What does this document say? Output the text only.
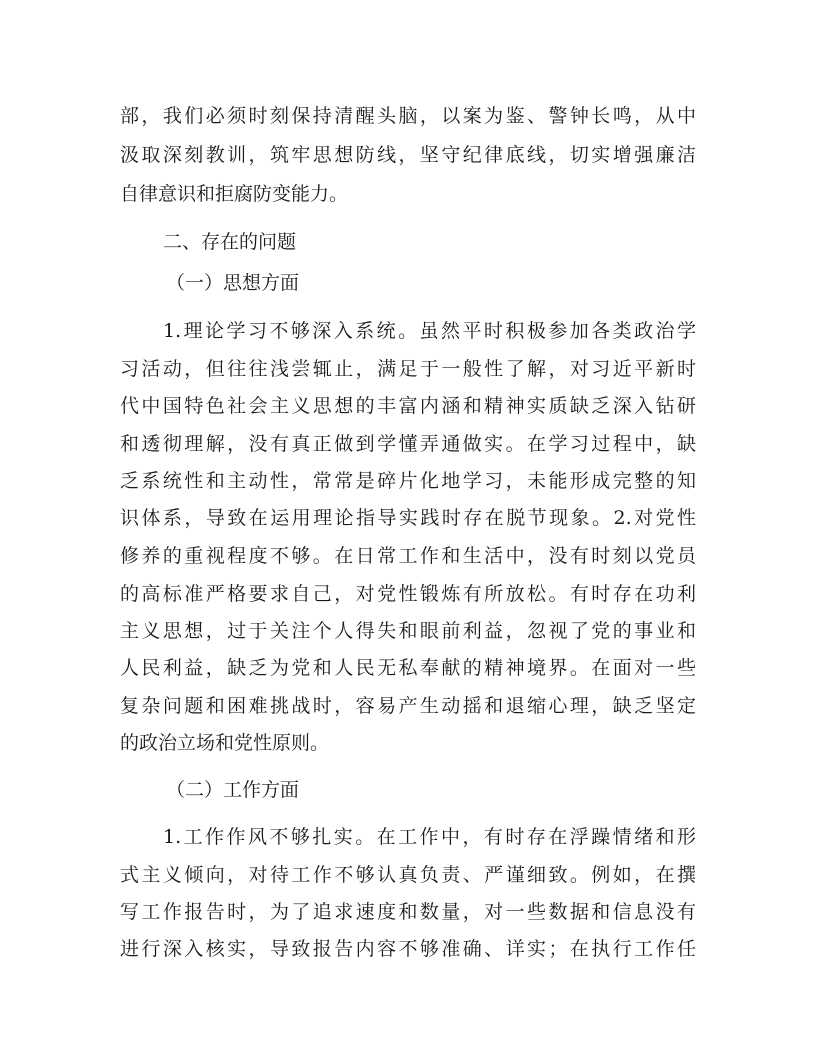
部，我们必须时刻保持清醒头脑，以案为鉴、警钟长鸣，从中
汲取深刻教训，筑牢思想防线，坚守纪律底线，切实增强廉洁
自律意识和拒腐防变能力。
二、存在的问题
（一）思想方面
1.理论学习不够深入系统。虽然平时积极参加各类政治学
习活动，但往往浅尝辄止，满足于一般性了解，对习近平新时
代中国特色社会主义思想的丰富内涵和精神实质缺乏深入钻研
和透彻理解，没有真正做到学懂弄通做实。在学习过程中，缺
乏系统性和主动性，常常是碎片化地学习，未能形成完整的知
识体系，导致在运用理论指导实践时存在脱节现象。2.对党性
修养的重视程度不够。在日常工作和生活中，没有时刻以党员
的高标准严格要求自己，对党性锻炼有所放松。有时存在功利
主义思想，过于关注个人得失和眼前利益，忽视了党的事业和
人民利益，缺乏为党和人民无私奉献的精神境界。在面对一些
复杂问题和困难挑战时，容易产生动摇和退缩心理，缺乏坚定
的政治立场和党性原则。
（二）工作方面
1.工作作风不够扎实。在工作中，有时存在浮躁情绪和形
式主义倾向，对待工作不够认真负责、严谨细致。例如，在撰
写工作报告时，为了追求速度和数量，对一些数据和信息没有
进行深入核实，导致报告内容不够准确、详实；在执行工作任
